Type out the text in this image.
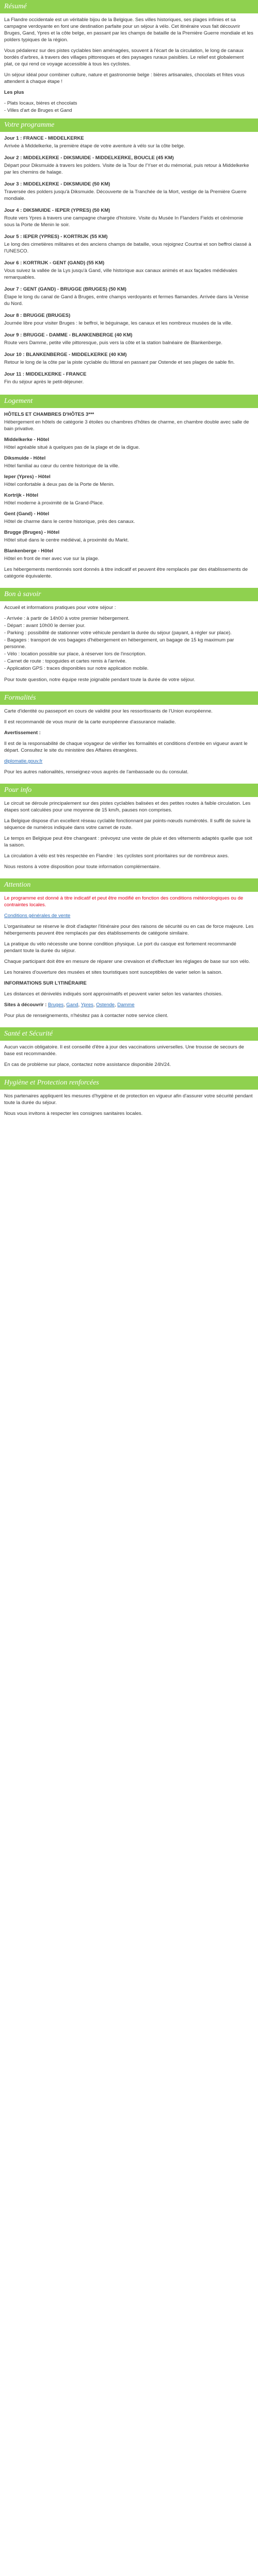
Résumé

La Flandre occidentale est un véritable bijou de la Belgique. Ses villes historiques, ses plages infinies et sa campagne verdoyante en font une destination parfaite pour un séjour à vélo. Cet itinéraire vous fait découvrir Bruges, Gand, Ypres et la côte belge, en passant par les champs de bataille de la Première Guerre mondiale et les polders typiques de la région.

Vous pédalerez sur des pistes cyclables bien aménagées, souvent à l'écart de la circulation, le long de canaux bordés d'arbres, à travers des villages pittoresques et des paysages ruraux paisibles. Le relief est globalement plat, ce qui rend ce voyage accessible à tous les cyclistes.

Un séjour idéal pour combiner culture, nature et gastronomie belge : bières artisanales, chocolats et frites vous attendent à chaque étape !

Les plus

- Plats locaux, bières et chocolats
- Villes d'art de Bruges et Gand
Votre programme

Jour 1 : FRANCE - MIDDELKERKE

Arrivée à Middelkerke, la première étape de votre aventure à vélo sur la côte belge.

Jour 2 : MIDDELKERKE - DIKSMUIDE - MIDDELKERKE, BOUCLE (45 KM)

Départ pour Diksmuide à travers les polders. Visite de la Tour de l'Yser et du mémorial, puis retour à Middelkerke par les chemins de halage.

Jour 3 : MIDDELKERKE - DIKSMUIDE (50 KM)

Traversée des polders jusqu'à Diksmuide. Découverte de la Tranchée de la Mort, vestige de la Première Guerre mondiale.

Jour 4 : DIKSMUIDE - IEPER (YPRES) (50 KM)

Route vers Ypres à travers une campagne chargée d'histoire. Visite du Musée In Flanders Fields et cérémonie sous la Porte de Menin le soir.

Jour 5 : IEPER (YPRES) - KORTRIJK (55 KM)

Le long des cimetières militaires et des anciens champs de bataille, vous rejoignez Courtrai et son beffroi classé à l'UNESCO.

Jour 6 : KORTRIJK - GENT (GAND) (55 KM)

Vous suivez la vallée de la Lys jusqu'à Gand, ville historique aux canaux animés et aux façades médiévales remarquables.

Jour 7 : GENT (GAND) - BRUGGE (BRUGES) (50 KM)

Étape le long du canal de Gand à Bruges, entre champs verdoyants et fermes flamandes. Arrivée dans la Venise du Nord.

Jour 8 : BRUGGE (BRUGES)

Journée libre pour visiter Bruges : le beffroi, le béguinage, les canaux et les nombreux musées de la ville.

Jour 9 : BRUGGE - DAMME - BLANKENBERGE (40 KM)

Route vers Damme, petite ville pittoresque, puis vers la côte et la station balnéaire de Blankenberge.

Jour 10 : BLANKENBERGE - MIDDELKERKE (40 KM)

Retour le long de la côte par la piste cyclable du littoral en passant par Ostende et ses plages de sable fin.

Jour 11 : MIDDELKERKE - FRANCE

Fin du séjour après le petit-déjeuner.

Logement

HÔTELS ET CHAMBRES D'HÔTES 3***

Hébergement en hôtels de catégorie 3 étoiles ou chambres d'hôtes de charme, en chambre double avec salle de bain privative.

Middelkerke - Hôtel

Hôtel agréable situé à quelques pas de la plage et de la digue.

Diksmuide - Hôtel

Hôtel familial au cœur du centre historique de la ville.

Ieper (Ypres) - Hôtel

Hôtel confortable à deux pas de la Porte de Menin.

Kortrijk - Hôtel

Hôtel moderne à proximité de la Grand-Place.

Gent (Gand) - Hôtel

Hôtel de charme dans le centre historique, près des canaux.

Brugge (Bruges) - Hôtel

Hôtel situé dans le centre médiéval, à proximité du Markt.

Blankenberge - Hôtel

Hôtel en front de mer avec vue sur la plage.

Les hébergements mentionnés sont donnés à titre indicatif et peuvent être remplacés par des établissements de catégorie équivalente.

Bon à savoir

Accueil et informations pratiques pour votre séjour :

- Arrivée : à partir de 14h00 à votre premier hébergement.
- Départ : avant 10h00 le dernier jour.
- Parking : possibilité de stationner votre véhicule pendant la durée du séjour (payant, à régler sur place).
- Bagages : transport de vos bagages d'hébergement en hébergement, un bagage de 15 kg maximum par personne.
- Vélo : location possible sur place, à réserver lors de l'inscription.
- Carnet de route : topoguides et cartes remis à l'arrivée.
- Application GPS : traces disponibles sur notre application mobile.

Pour toute question, notre équipe reste joignable pendant toute la durée de votre séjour.

Formalités

Carte d'identité ou passeport en cours de validité pour les ressortissants de l'Union européenne.

Il est recommandé de vous munir de la carte européenne d'assurance maladie.

Avertissement :

Il est de la responsabilité de chaque voyageur de vérifier les formalités et conditions d'entrée en vigueur avant le départ. Consultez le site du ministère des Affaires étrangères.

diplomatie.gouv.fr

Pour les autres nationalités, renseignez-vous auprès de l'ambassade ou du consulat.

Pour info

Le circuit se déroule principalement sur des pistes cyclables balisées et des petites routes à faible circulation. Les étapes sont calculées pour une moyenne de 15 km/h, pauses non comprises.

La Belgique dispose d'un excellent réseau cyclable fonctionnant par points-nœuds numérotés. Il suffit de suivre la séquence de numéros indiquée dans votre carnet de route.

Le temps en Belgique peut être changeant : prévoyez une veste de pluie et des vêtements adaptés quelle que soit la saison.

La circulation à vélo est très respectée en Flandre : les cyclistes sont prioritaires sur de nombreux axes.

Nous restons à votre disposition pour toute information complémentaire.

Attention

Le programme est donné à titre indicatif et peut être modifié en fonction des conditions météorologiques ou de contraintes locales.

Conditions générales de vente

L'organisateur se réserve le droit d'adapter l'itinéraire pour des raisons de sécurité ou en cas de force majeure. Les hébergements peuvent être remplacés par des établissements de catégorie similaire.

La pratique du vélo nécessite une bonne condition physique. Le port du casque est fortement recommandé pendant toute la durée du séjour.

Chaque participant doit être en mesure de réparer une crevaison et d'effectuer les réglages de base sur son vélo.

Les horaires d'ouverture des musées et sites touristiques sont susceptibles de varier selon la saison.

INFORMATIONS SUR L'ITINÉRAIRE

Les distances et dénivelés indiqués sont approximatifs et peuvent varier selon les variantes choisies.

Sites à découvrir : Bruges, Gand, Ypres, Ostende, Damme

Pour plus de renseignements, n'hésitez pas à contacter notre service client.

Santé et Sécurité

Aucun vaccin obligatoire. Il est conseillé d'être à jour des vaccinations universelles. Une trousse de secours de base est recommandée.

En cas de problème sur place, contactez notre assistance disponible 24h/24.

Hygiène et Protection renforcées

Nos partenaires appliquent les mesures d'hygiène et de protection en vigueur afin d'assurer votre sécurité pendant toute la durée du séjour.

Nous vous invitons à respecter les consignes sanitaires locales.
